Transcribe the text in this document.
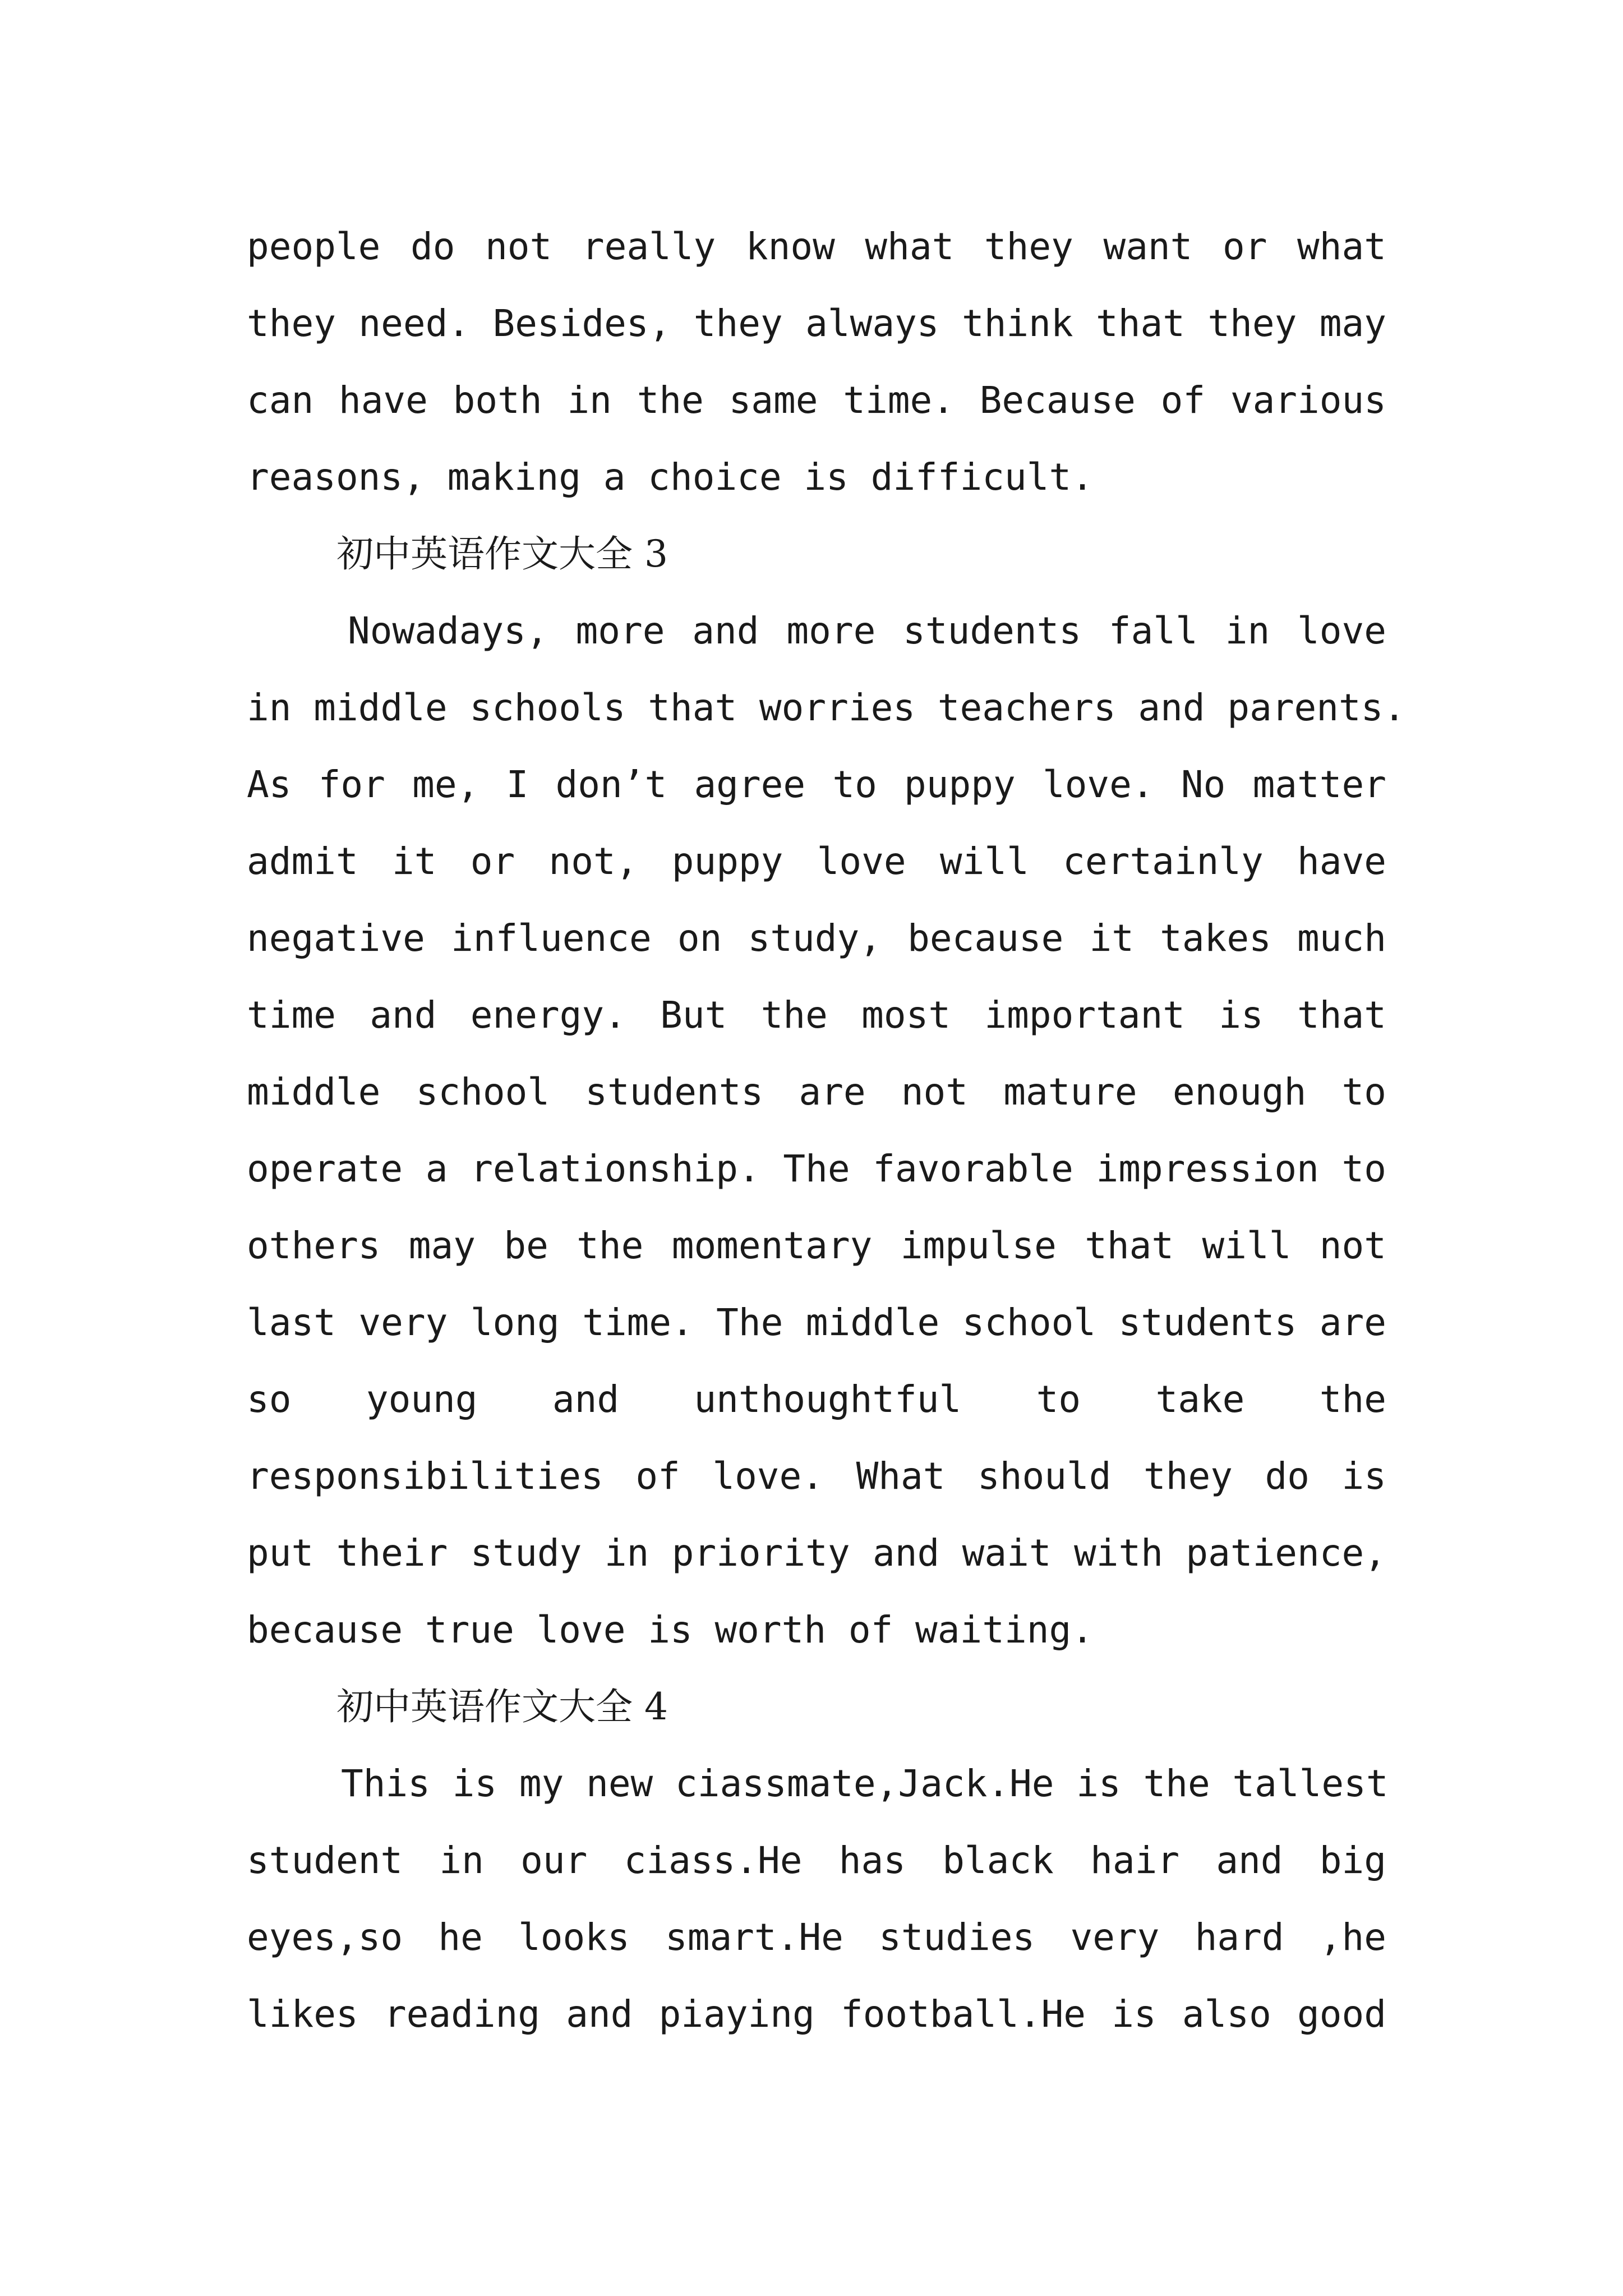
people do not really know what they want or what
they need. Besides, they always think that they may
can have both in the same time. Because of various
reasons, making a choice is difficult.
初中英语作文大全 3
Nowadays, more and more students fall in love
in middle schools that worries teachers and parents.
As for me, I don’t agree to puppy love. No matter
admit it or not, puppy love will certainly have
negative influence on study, because it takes much
time and energy. But the most important is that
middle school students are not mature enough to
operate a relationship. The favorable impression to
others may be the momentary impulse that will not
last very long time. The middle school students are
so young and unthoughtful to take the
responsibilities of love. What should they do is
put their study in priority and wait with patience,
because true love is worth of waiting.
初中英语作文大全 4
This is my new ciassmate,Jack.He is the tallest
student in our ciass.He has black hair and big
eyes,so he looks smart.He studies very hard ,he
likes reading and piaying football.He is also good
